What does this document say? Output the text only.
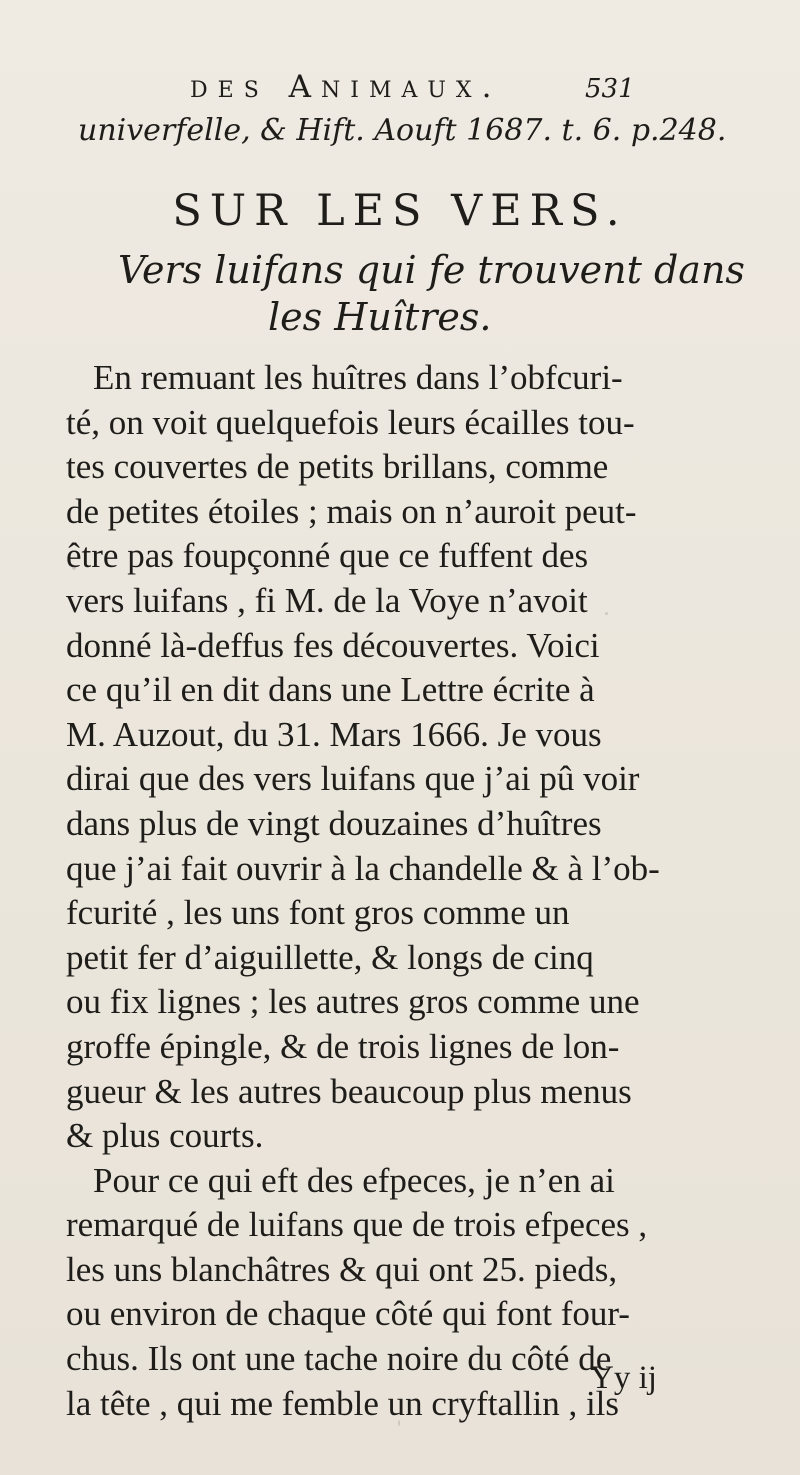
des Animaux.	531
univerfelle, & Hift. Aouft 1687. t. 6. p.248.
SUR LES VERS.
Vers luifans qui fe trouvent dans
les Huîtres.
En remuant les huîtres dans l’obfcuri-
té, on voit quelquefois leurs écailles tou-
tes couvertes de petits brillans, comme
de petites étoiles ; mais on n’auroit peut-
être pas foupçonné que ce fuffent des
vers luifans , fi M. de la Voye n’avoit
donné là-deffus fes découvertes. Voici
ce qu’il en dit dans une Lettre écrite à
M. Auzout, du 31. Mars 1666. Je vous
dirai que des vers luifans que j’ai pû voir
dans plus de vingt douzaines d’huîtres
que j’ai fait ouvrir à la chandelle & à l’ob-
fcurité , les uns font gros comme un
petit fer d’aiguillette, & longs de cinq
ou fix lignes ; les autres gros comme une
groffe épingle, & de trois lignes de lon-
gueur & les autres beaucoup plus menus
& plus courts.
Pour ce qui eft des efpeces, je n’en ai
remarqué de luifans que de trois efpeces ,
les uns blanchâtres & qui ont 25. pieds,
ou environ de chaque côté qui font four-
chus. Ils ont une tache noire du côté de
la tête , qui me femble un cryftallin , ils
Yy ij
